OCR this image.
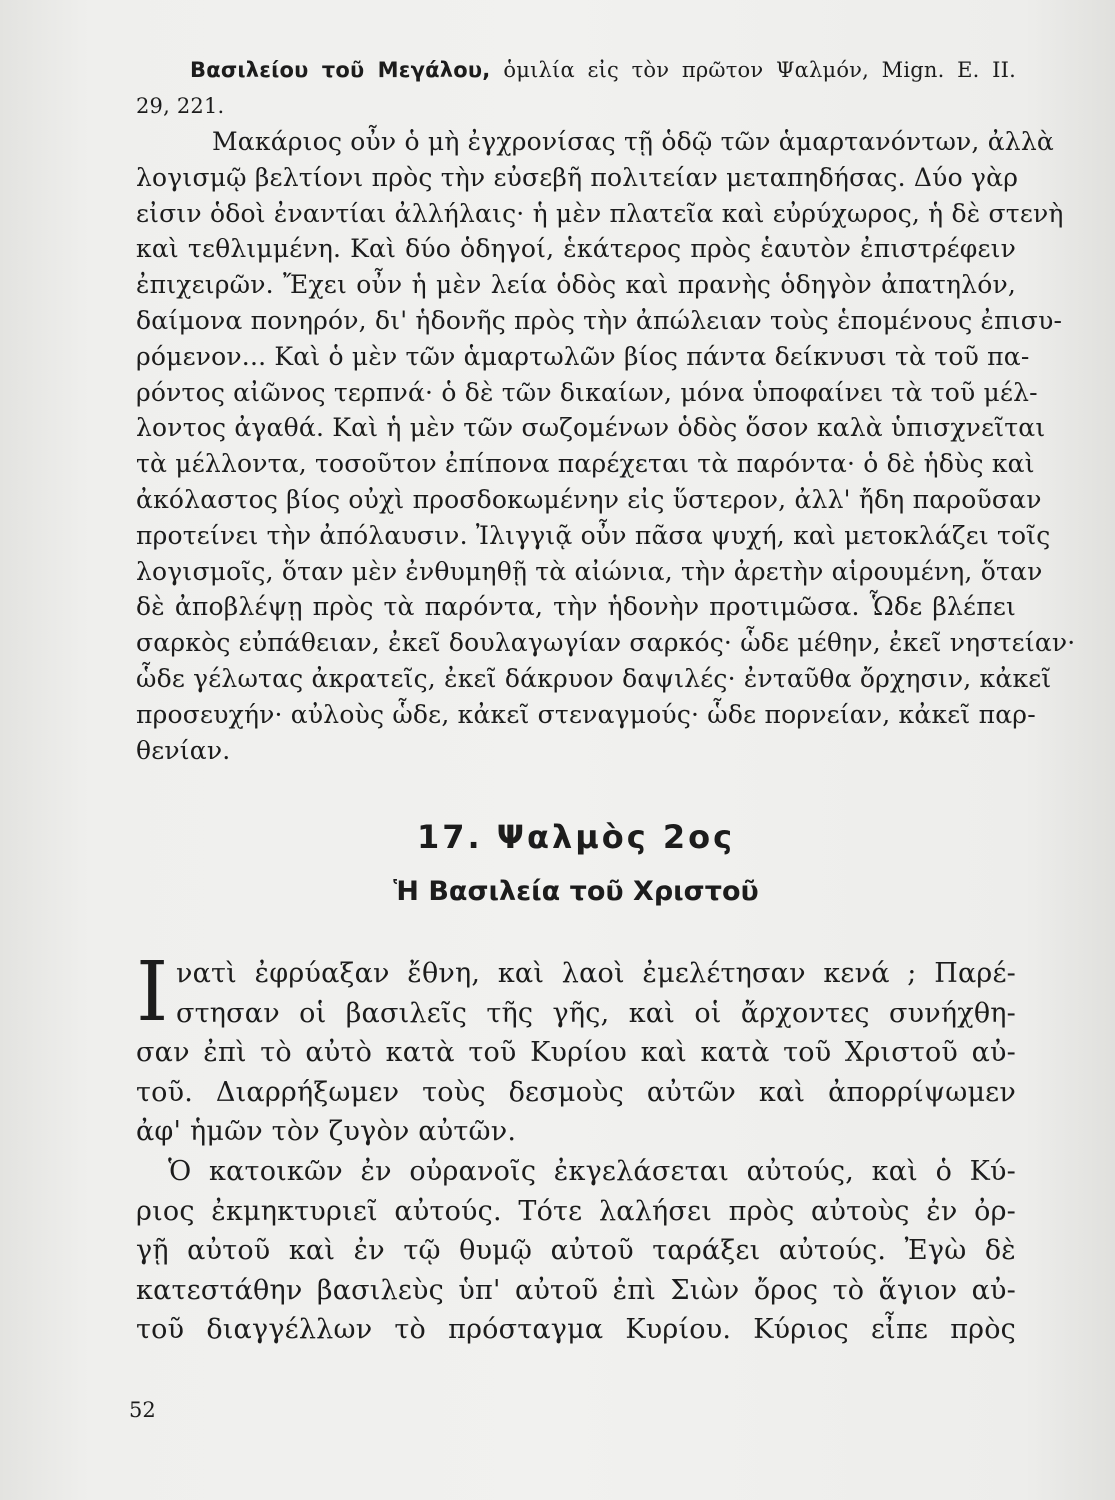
Βασιλείου τοῦ Μεγάλου, ὁμιλία εἰς τὸν πρῶτον Ψαλμόν, Mign. Ε. ΙΙ.
29, 221.
Μακάριος οὖν ὁ μὴ ἐγχρονίσας τῇ ὁδῷ τῶν ἁμαρτανόντων, ἀλλὰ
λογισμῷ βελτίονι πρὸς τὴν εὐσεβῆ πολιτείαν μεταπηδήσας. Δύο γὰρ
εἰσιν ὁδοὶ ἐναντίαι ἀλλήλαις· ἡ μὲν πλατεῖα καὶ εὐρύχωρος, ἡ δὲ στενὴ
καὶ τεθλιμμένη. Καὶ δύο ὁδηγοί, ἑκάτερος πρὸς ἑαυτὸν ἐπιστρέφειν
ἐπιχειρῶν. Ἔχει οὖν ἡ μὲν λεία ὁδὸς καὶ πρανὴς ὁδηγὸν ἀπατηλόν,
δαίμονα πονηρόν, δι' ἡδονῆς πρὸς τὴν ἀπώλειαν τοὺς ἑπομένους ἐπισυ-
ρόμενον... Καὶ ὁ μὲν τῶν ἁμαρτωλῶν βίος πάντα δείκνυσι τὰ τοῦ πα-
ρόντος αἰῶνος τερπνά· ὁ δὲ τῶν δικαίων, μόνα ὑποφαίνει τὰ τοῦ μέλ-
λοντος ἀγαθά. Καὶ ἡ μὲν τῶν σωζομένων ὁδὸς ὅσον καλὰ ὑπισχνεῖται
τὰ μέλλοντα, τοσοῦτον ἐπίπονα παρέχεται τὰ παρόντα· ὁ δὲ ἡδὺς καὶ
ἀκόλαστος βίος οὐχὶ προσδοκωμένην εἰς ὕστερον, ἀλλ' ἤδη παροῦσαν
προτείνει τὴν ἀπόλαυσιν. Ἰλιγγιᾷ οὖν πᾶσα ψυχή, καὶ μετοκλάζει τοῖς
λογισμοῖς, ὅταν μὲν ἐνθυμηθῇ τὰ αἰώνια, τὴν ἀρετὴν αἱρουμένη, ὅταν
δὲ ἀποβλέψῃ πρὸς τὰ παρόντα, τὴν ἡδονὴν προτιμῶσα. Ὧδε βλέπει
σαρκὸς εὐπάθειαν, ἐκεῖ δουλαγωγίαν σαρκός· ὧδε μέθην, ἐκεῖ νηστείαν·
ὧδε γέλωτας ἀκρατεῖς, ἐκεῖ δάκρυον δαψιλές· ἐνταῦθα ὄρχησιν, κἀκεῖ
προσευχήν· αὐλοὺς ὧδε, κἀκεῖ στεναγμούς· ὧδε πορνείαν, κἀκεῖ παρ-
θενίαν.
17. Ψαλμὸς 2ος
Ἡ Βασιλεία τοῦ Χριστοῦ
Ι νατὶ ἐφρύαξαν ἔθνη, καὶ λαοὶ ἐμελέτησαν κενά ; Παρέ-
στησαν οἱ βασιλεῖς τῆς γῆς, καὶ οἱ ἄρχοντες συνήχθη-
σαν ἐπὶ τὸ αὐτὸ κατὰ τοῦ Κυρίου καὶ κατὰ τοῦ Χριστοῦ αὐ-
τοῦ. Διαρρήξωμεν τοὺς δεσμοὺς αὐτῶν καὶ ἀπορρίψωμεν
ἀφ' ἡμῶν τὸν ζυγὸν αὐτῶν.
Ὁ κατοικῶν ἐν οὐρανοῖς ἐκγελάσεται αὐτούς, καὶ ὁ Κύ-
ριος ἐκμηκτυριεῖ αὐτούς. Τότε λαλήσει πρὸς αὐτοὺς ἐν ὀρ-
γῇ αὐτοῦ καὶ ἐν τῷ θυμῷ αὐτοῦ ταράξει αὐτούς. Ἐγὼ δὲ
κατεστάθην βασιλεὺς ὑπ' αὐτοῦ ἐπὶ Σιὼν ὄρος τὸ ἅγιον αὐ-
τοῦ διαγγέλλων τὸ πρόσταγμα Κυρίου. Κύριος εἶπε πρὸς
52
